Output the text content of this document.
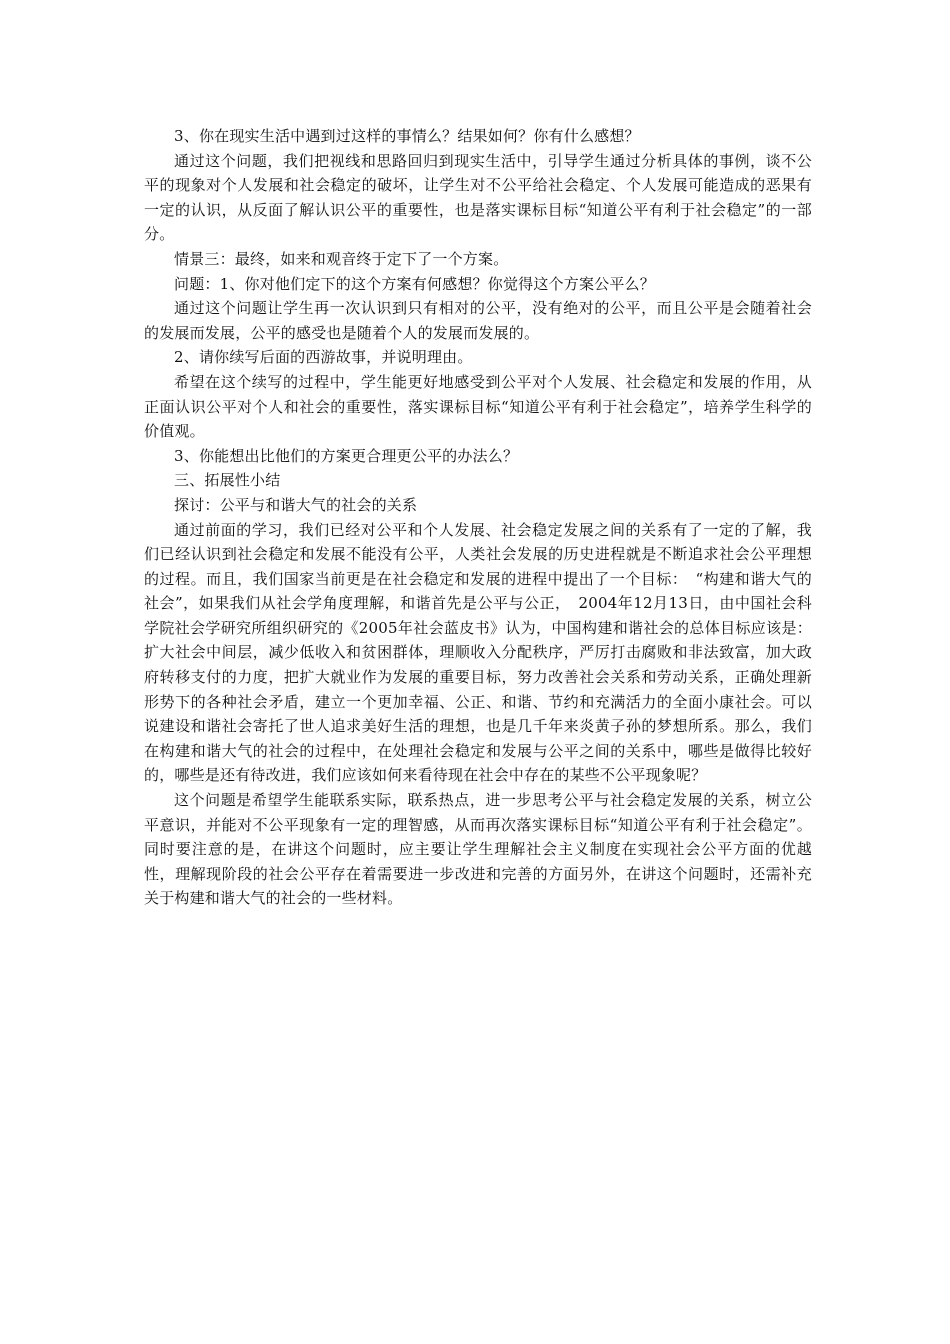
3、你在现实生活中遇到过这样的事情么？结果如何？你有什么感想？

通过这个问题，我们把视线和思路回归到现实生活中，引导学生通过分析具体的事例，谈不公平的现象对个人发展和社会稳定的破坏，让学生对不公平给社会稳定、个人发展可能造成的恶果有一定的认识，从反面了解认识公平的重要性，也是落实课标目标“知道公平有利于社会稳定”的一部分。

情景三：最终，如来和观音终于定下了一个方案。

问题：1、你对他们定下的这个方案有何感想？你觉得这个方案公平么？

通过这个问题让学生再一次认识到只有相对的公平，没有绝对的公平，而且公平是会随着社会的发展而发展，公平的感受也是随着个人的发展而发展的。

2、请你续写后面的西游故事，并说明理由。

希望在这个续写的过程中，学生能更好地感受到公平对个人发展、社会稳定和发展的作用，从正面认识公平对个人和社会的重要性，落实课标目标“知道公平有利于社会稳定”，培养学生科学的价值观。

3、你能想出比他们的方案更合理更公平的办法么？

三、拓展性小结

探讨：公平与和谐大气的社会的关系

通过前面的学习，我们已经对公平和个人发展、社会稳定发展之间的关系有了一定的了解，我们已经认识到社会稳定和发展不能没有公平，人类社会发展的历史进程就是不断追求社会公平理想的过程。而且，我们国家当前更是在社会稳定和发展的进程中提出了一个目标：　“构建和谐大气的社会”，如果我们从社会学角度理解，和谐首先是公平与公正，　2004年12月13日，由中国社会科学院社会学研究所组织研究的《2005年社会蓝皮书》认为，中国构建和谐社会的总体目标应该是：扩大社会中间层，减少低收入和贫困群体，理顺收入分配秩序，严厉打击腐败和非法致富，加大政府转移支付的力度，把扩大就业作为发展的重要目标，努力改善社会关系和劳动关系，正确处理新形势下的各种社会矛盾，建立一个更加幸福、公正、和谐、节约和充满活力的全面小康社会。可以说建设和谐社会寄托了世人追求美好生活的理想，也是几千年来炎黄子孙的梦想所系。那么，我们在构建和谐大气的社会的过程中，在处理社会稳定和发展与公平之间的关系中，哪些是做得比较好的，哪些是还有待改进，我们应该如何来看待现在社会中存在的某些不公平现象呢？

这个问题是希望学生能联系实际，联系热点，进一步思考公平与社会稳定发展的关系，树立公平意识，并能对不公平现象有一定的理智感，从而再次落实课标目标“知道公平有利于社会稳定”。同时要注意的是，在讲这个问题时，应主要让学生理解社会主义制度在实现社会公平方面的优越性，理解现阶段的社会公平存在着需要进一步改进和完善的方面另外，在讲这个问题时，还需补充关于构建和谐大气的社会的一些材料。
